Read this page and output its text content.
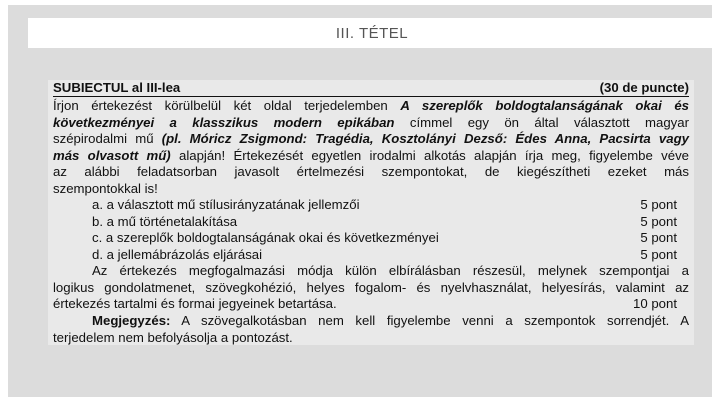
III. TÉTEL
SUBIECTUL al III-lea	(30 de puncte)
Írjon értekezést körülbelül két oldal terjedelemben A szereplők boldogtalanságának okai és
következményei a klasszikus modern epikában címmel egy ön által választott magyar
szépirodalmi mű (pl. Móricz Zsigmond: Tragédia, Kosztolányi Dezső: Édes Anna, Pacsirta vagy
más olvasott mű) alapján! Értekezését egyetlen irodalmi alkotás alapján írja meg, figyelembe véve
az alábbi feladatsorban javasolt értelmezési szempontokat, de kiegészítheti ezeket más
szempontokkal is!
a. a választott mű stílusirányzatának jellemzői	5 pont
b. a mű történetalakítása	5 pont
c. a szereplők boldogtalanságának okai és következményei	5 pont
d. a jellemábrázolás eljárásai	5 pont
Az értekezés megfogalmazási módja külön elbírálásban részesül, melynek szempontjai a
logikus gondolatmenet, szövegkohézió, helyes fogalom- és nyelvhasználat, helyesírás, valamint az
értekezés tartalmi és formai jegyeinek betartása.	10 pont
Megjegyzés: A szövegalkotásban nem kell figyelembe venni a szempontok sorrendjét. A
terjedelem nem befolyásolja a pontozást.
